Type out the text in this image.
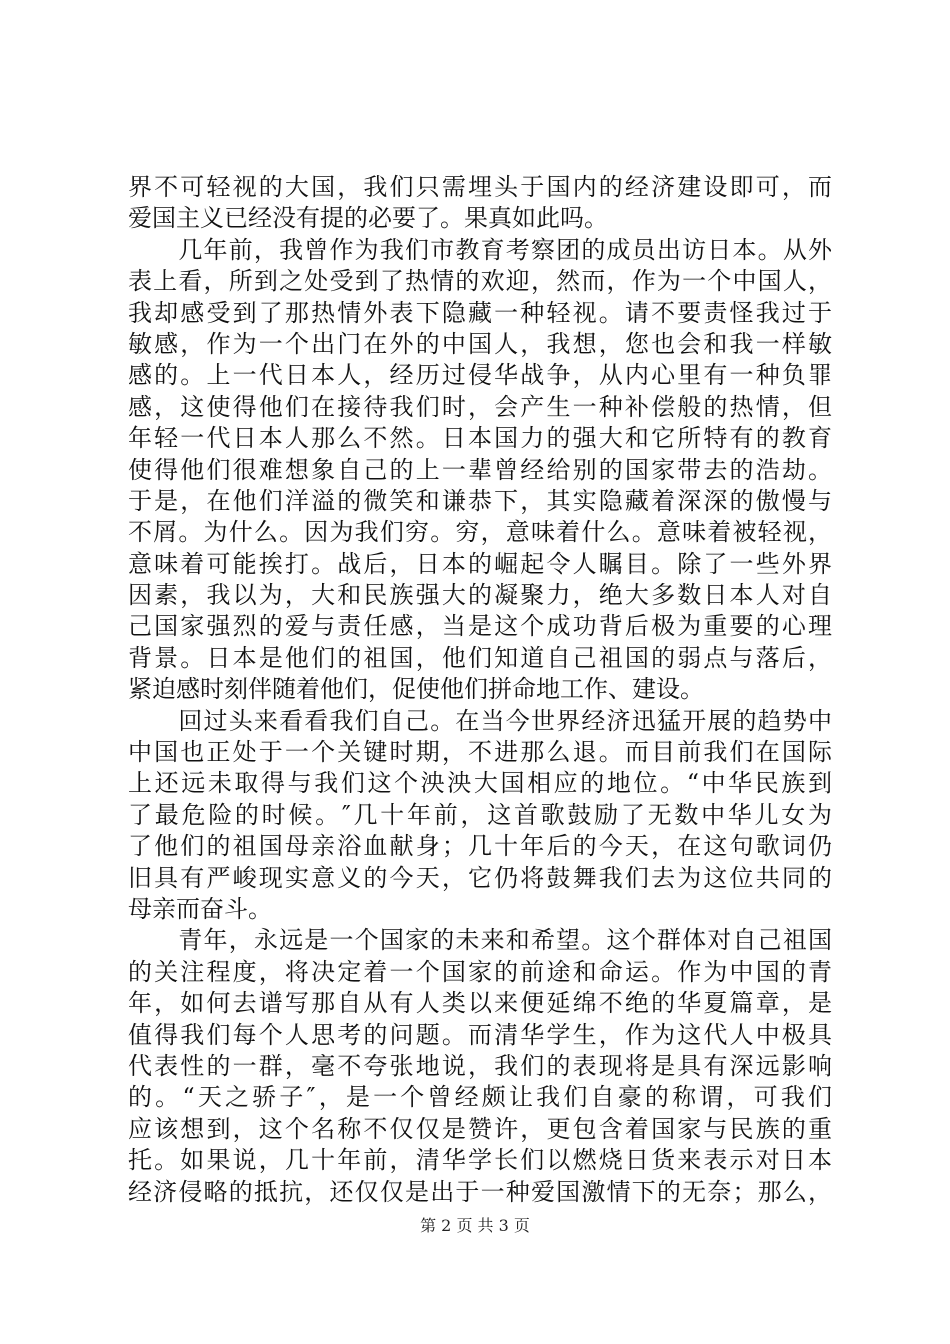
界不可轻视的大国，我们只需埋头于国内的经济建设即可，而
爱国主义已经没有提的必要了。果真如此吗。
　　几年前，我曾作为我们市教育考察团的成员出访日本。从外
表上看，所到之处受到了热情的欢迎，然而，作为一个中国人，
我却感受到了那热情外表下隐藏一种轻视。请不要责怪我过于
敏感，作为一个出门在外的中国人，我想，您也会和我一样敏
感的。上一代日本人，经历过侵华战争，从内心里有一种负罪
感，这使得他们在接待我们时，会产生一种补偿般的热情，但
年轻一代日本人那么不然。日本国力的强大和它所特有的教育
使得他们很难想象自己的上一辈曾经给别的国家带去的浩劫。
于是，在他们洋溢的微笑和谦恭下，其实隐藏着深深的傲慢与
不屑。为什么。因为我们穷。穷，意味着什么。意味着被轻视，
意味着可能挨打。战后，日本的崛起令人瞩目。除了一些外界
因素，我以为，大和民族强大的凝聚力，绝大多数日本人对自
己国家强烈的爱与责任感，当是这个成功背后极为重要的心理
背景。日本是他们的祖国，他们知道自己祖国的弱点与落后，
紧迫感时刻伴随着他们，促使他们拼命地工作、建设。
　　回过头来看看我们自己。在当今世界经济迅猛开展的趋势中
中国也正处于一个关键时期，不进那么退。而目前我们在国际
上还远未取得与我们这个泱泱大国相应的地位。“中华民族到
了最危险的时候。″几十年前，这首歌鼓励了无数中华儿女为
了他们的祖国母亲浴血献身；几十年后的今天，在这句歌词仍
旧具有严峻现实意义的今天，它仍将鼓舞我们去为这位共同的
母亲而奋斗。
　　青年，永远是一个国家的未来和希望。这个群体对自己祖国
的关注程度，将决定着一个国家的前途和命运。作为中国的青
年，如何去谱写那自从有人类以来便延绵不绝的华夏篇章，是
值得我们每个人思考的问题。而清华学生，作为这代人中极具
代表性的一群，毫不夸张地说，我们的表现将是具有深远影响
的。“天之骄子″，是一个曾经颇让我们自豪的称谓，可我们
应该想到，这个名称不仅仅是赞许，更包含着国家与民族的重
托。如果说，几十年前，清华学长们以燃烧日货来表示对日本
经济侵略的抵抗，还仅仅是出于一种爱国激情下的无奈；那么，
第 2 页 共 3 页
